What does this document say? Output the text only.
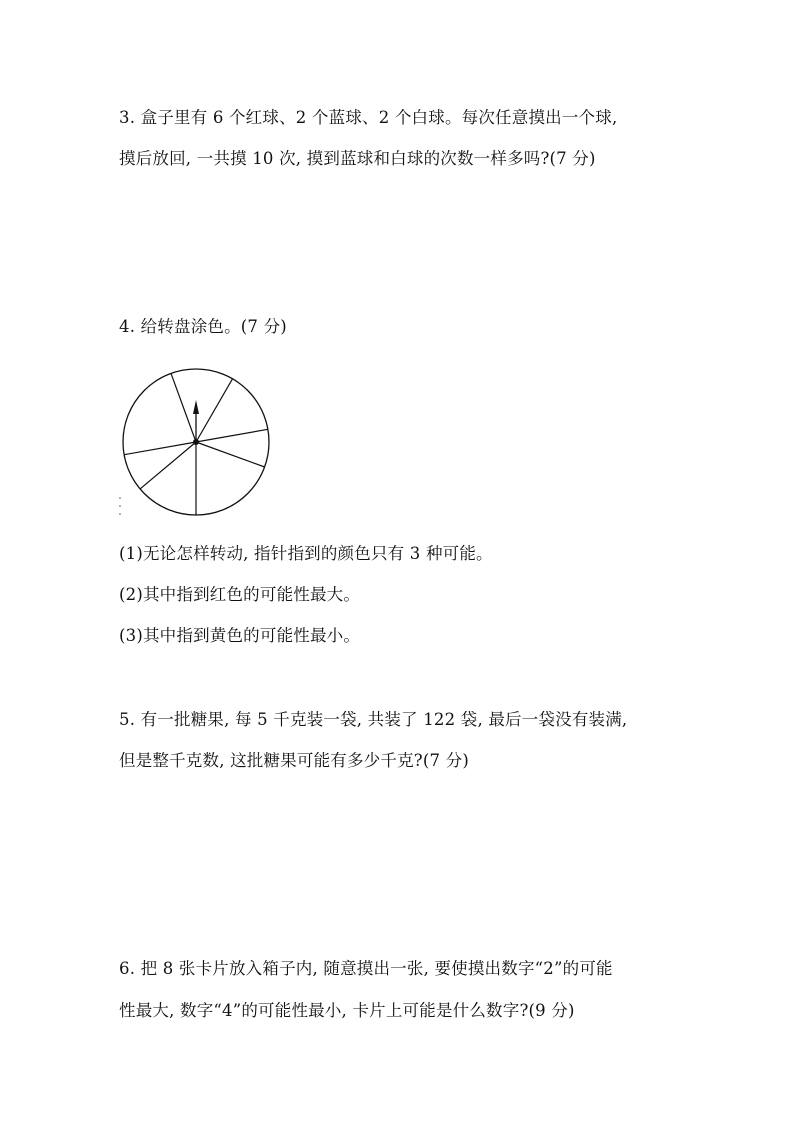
3. 盒子里有 6 个红球、2 个蓝球、2 个白球。每次任意摸出一个球,
摸后放回, 一共摸 10 次, 摸到蓝球和白球的次数一样多吗?(7 分)
4. 给转盘涂色。(7 分)
(1)无论怎样转动, 指针指到的颜色只有 3 种可能。
(2)其中指到红色的可能性最大。
(3)其中指到黄色的可能性最小。
5. 有一批糖果, 每 5 千克装一袋, 共装了 122 袋, 最后一袋没有装满,
但是整千克数, 这批糖果可能有多少千克?(7 分)
6. 把 8 张卡片放入箱子内, 随意摸出一张, 要使摸出数字“2”的可能
性最大, 数字“4”的可能性最小, 卡片上可能是什么数字?(9 分)
